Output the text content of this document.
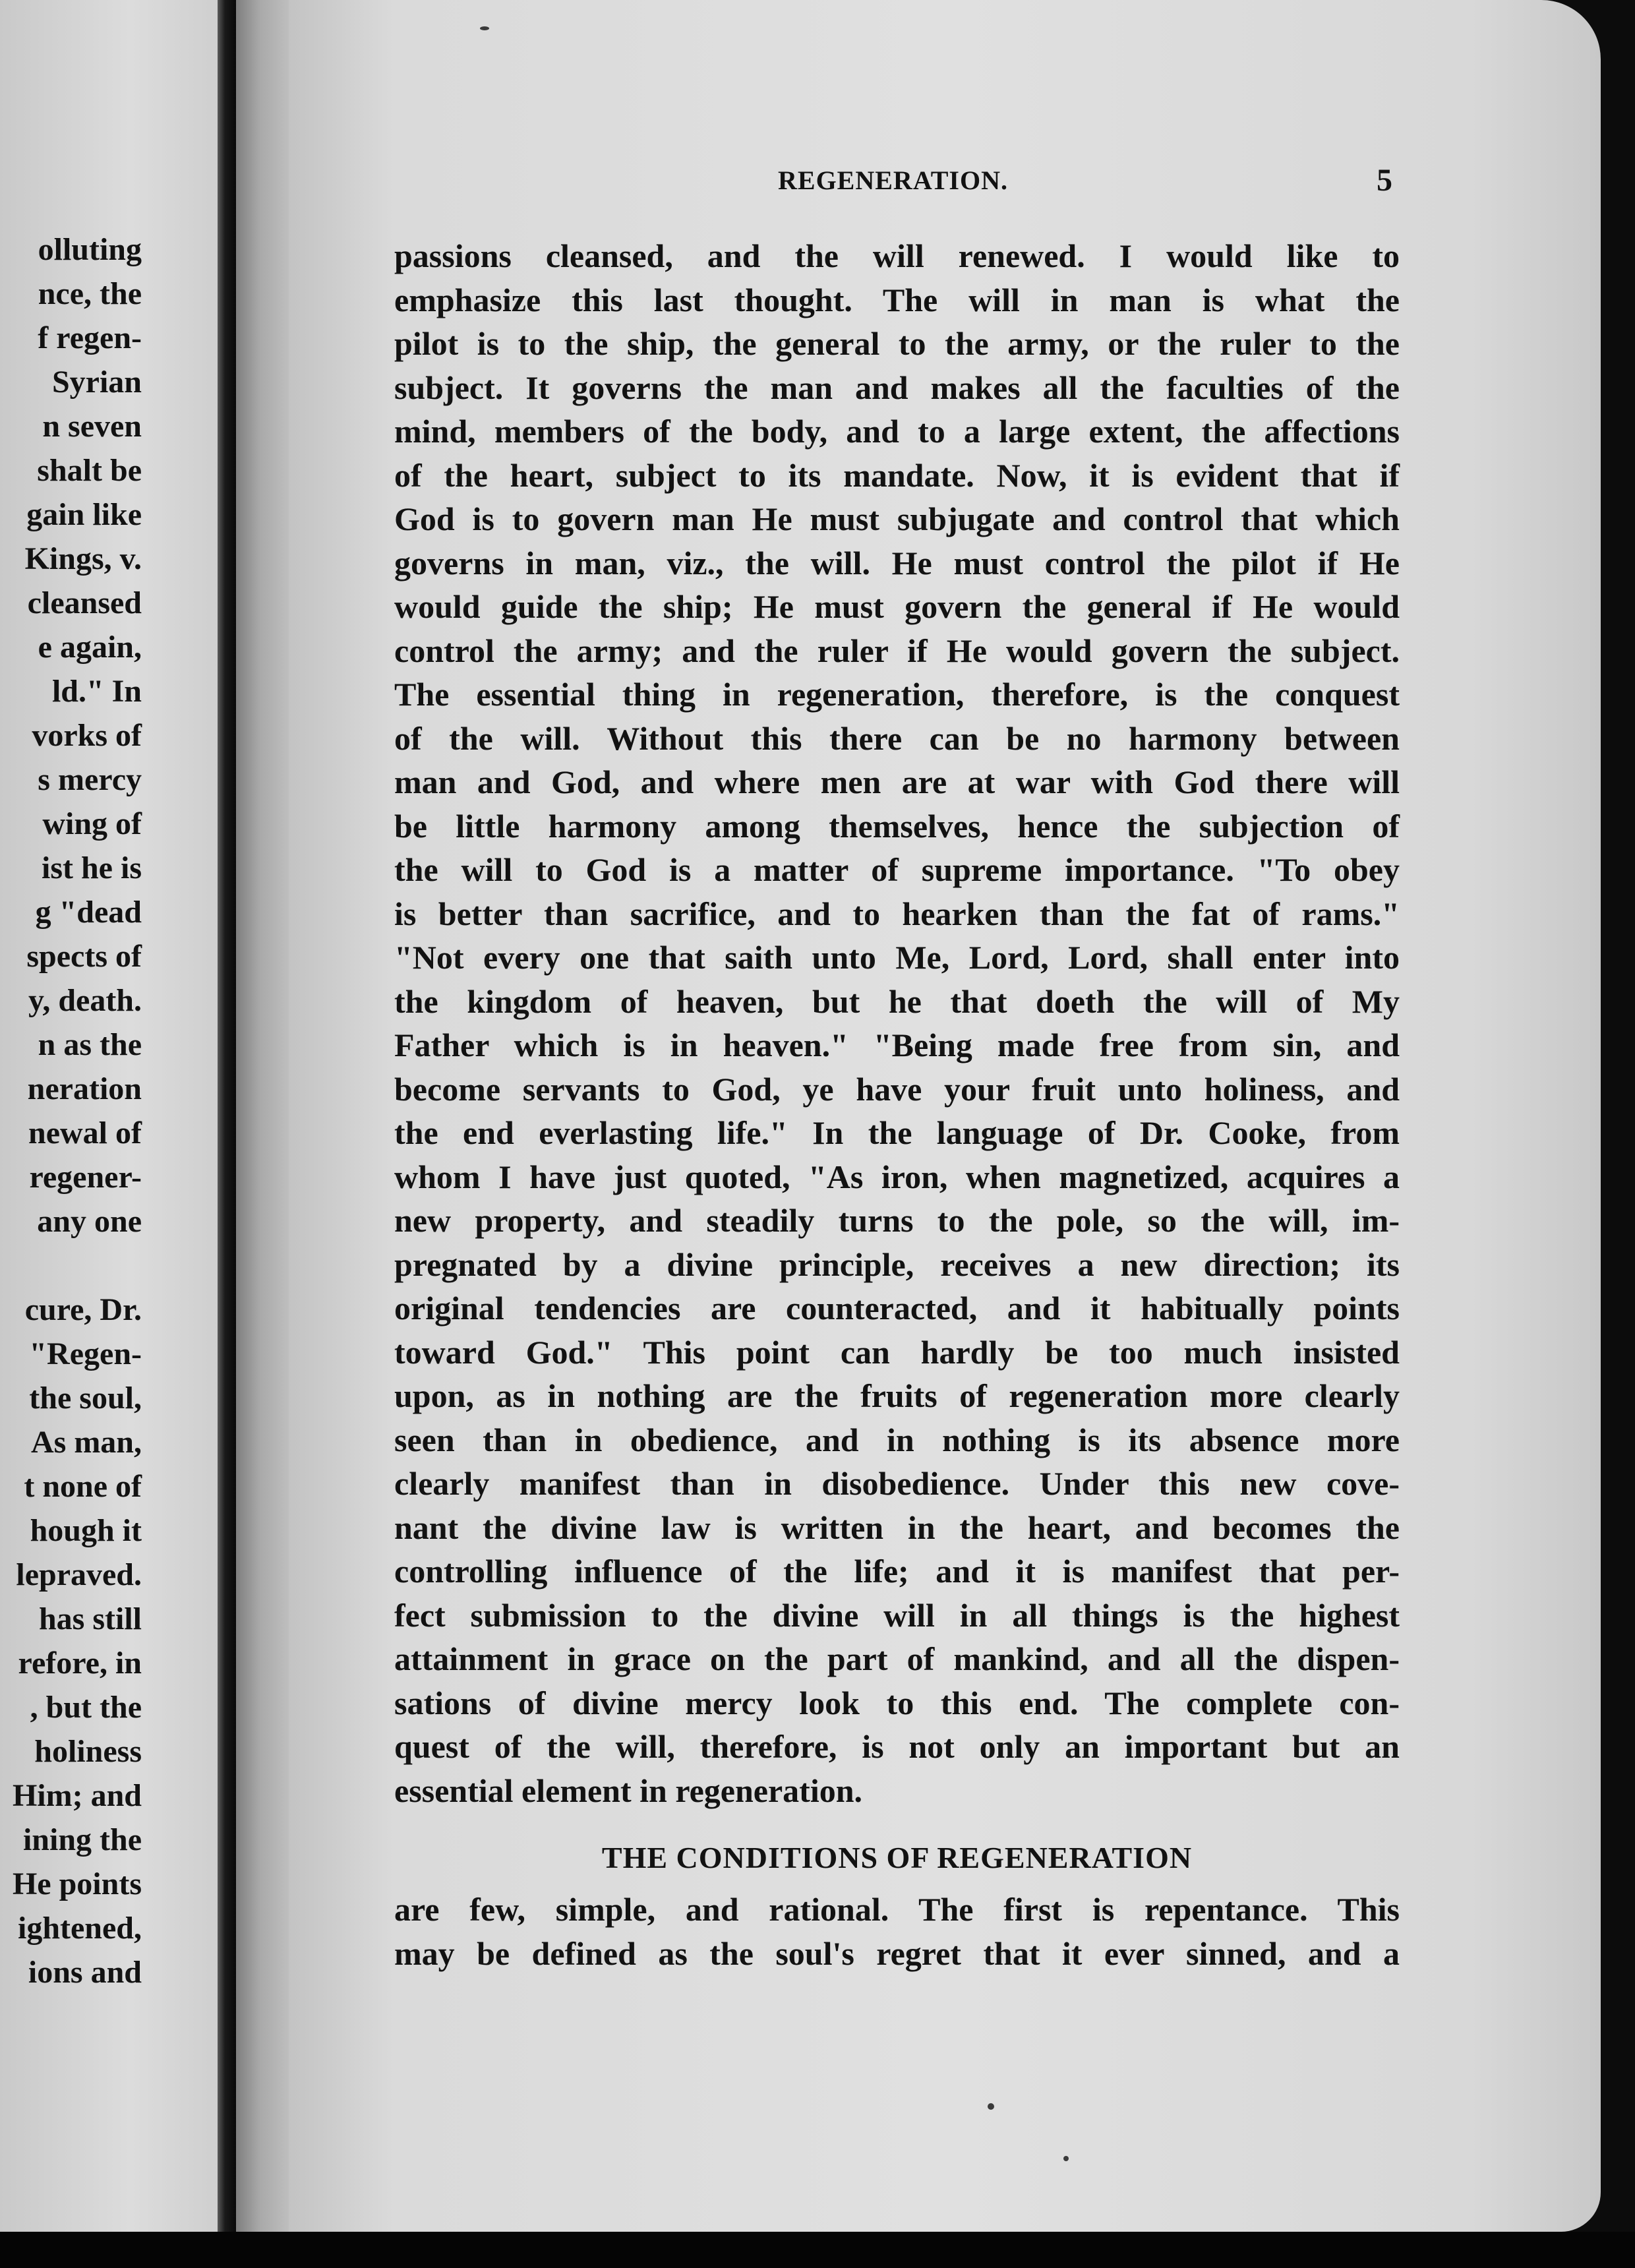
olluting
nce, the
f regen-
Syrian
n seven
shalt be
gain like
Kings, v.
cleansed
e again,
ld." In
vorks of
s mercy
wing of
ist he is
g "dead
spects of
y, death.
n as the
neration
newal of
regener-
any one
cure, Dr.
"Regen-
the soul,
As man,
t none of
hough it
lepraved.
has still
refore, in
, but the
holiness
Him; and
ining the
He points
ightened,
ions and
REGENERATION.	5
passions cleansed, and the will renewed. I would like to
emphasize this last thought. The will in man is what the
pilot is to the ship, the general to the army, or the ruler to the
subject. It governs the man and makes all the faculties of the
mind, members of the body, and to a large extent, the affections
of the heart, subject to its mandate. Now, it is evident that if
God is to govern man He must subjugate and control that which
governs in man, viz., the will. He must control the pilot if He
would guide the ship; He must govern the general if He would
control the army; and the ruler if He would govern the subject.
The essential thing in regeneration, therefore, is the conquest
of the will. Without this there can be no harmony between
man and God, and where men are at war with God there will
be little harmony among themselves, hence the subjection of
the will to God is a matter of supreme importance. "To obey
is better than sacrifice, and to hearken than the fat of rams."
"Not every one that saith unto Me, Lord, Lord, shall enter into
the kingdom of heaven, but he that doeth the will of My
Father which is in heaven." "Being made free from sin, and
become servants to God, ye have your fruit unto holiness, and
the end everlasting life." In the language of Dr. Cooke, from
whom I have just quoted, "As iron, when magnetized, acquires a
new property, and steadily turns to the pole, so the will, im-
pregnated by a divine principle, receives a new direction; its
original tendencies are counteracted, and it habitually points
toward God." This point can hardly be too much insisted
upon, as in nothing are the fruits of regeneration more clearly
seen than in obedience, and in nothing is its absence more
clearly manifest than in disobedience. Under this new cove-
nant the divine law is written in the heart, and becomes the
controlling influence of the life; and it is manifest that per-
fect submission to the divine will in all things is the highest
attainment in grace on the part of mankind, and all the dispen-
sations of divine mercy look to this end. The complete con-
quest of the will, therefore, is not only an important but an
essential element in regeneration.
THE CONDITIONS OF REGENERATION
are few, simple, and rational. The first is repentance. This
may be defined as the soul's regret that it ever sinned, and a
